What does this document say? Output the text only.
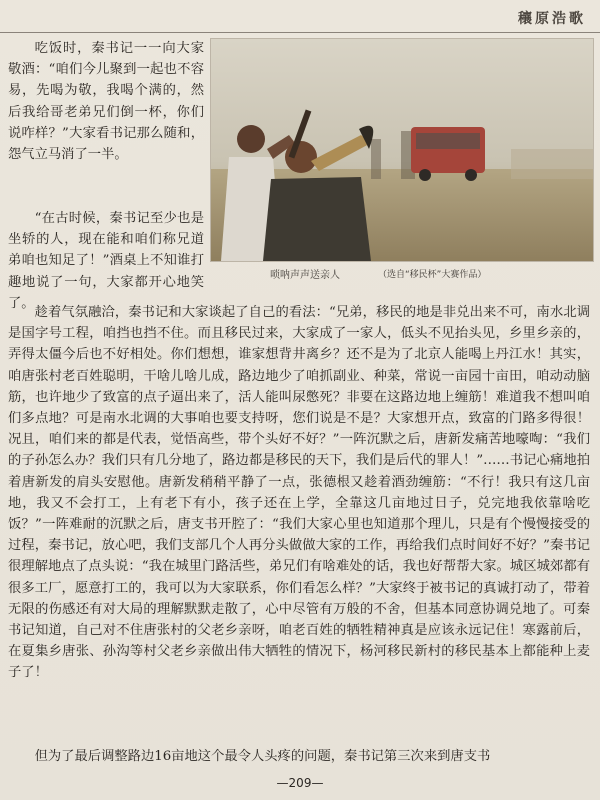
穰原浩歌
唢呐声声送亲人	（选自“移民杯”大赛作品）

吃饭时，秦书记一一向大家敬酒：“咱们今儿聚到一起也不容易，先喝为敬，我喝个满的，然后我给哥老弟兄们倒一杯，你们说咋样？”大家看书记那么随和，怨气立马消了一半。

“在古时候，秦书记至少也是坐轿的人，现在能和咱们称兄道弟咱也知足了！”酒桌上不知谁打趣地说了一句，大家都开心地笑了。

趁着气氛融洽，秦书记和大家谈起了自己的看法：“兄弟，移民的地是非兑出来不可，南水北调是国字号工程，咱挡也挡不住。而且移民过来，大家成了一家人，低头不见抬头见，乡里乡亲的，弄得太僵今后也不好相处。你们想想，谁家想背井离乡？还不是为了北京人能喝上丹江水！其实，咱唐张村老百姓聪明，干啥儿啥儿成，路边地少了咱抓副业、种菜，常说一亩园十亩田，咱动动脑筋，也许地少了致富的点子逼出来了，活人能叫尿憋死？非要在这路边地上缠筋！难道我不想叫咱们多点地？可是南水北调的大事咱也要支持呀，您们说是不是？大家想开点，致富的门路多得很！况且，咱们来的都是代表，觉悟高些，带个头好不好？”一阵沉默之后，唐新发痛苦地嚎啕：“我们的子孙怎么办？我们只有几分地了，路边都是移民的天下，我们是后代的罪人！”……书记心痛地拍着唐新发的肩头安慰他。唐新发稍稍平静了一点，张德根又趁着酒劲缠筋：“不行！我只有这几亩地，我又不会打工，上有老下有小，孩子还在上学，全靠这几亩地过日子，兑完地我依靠啥吃饭？”一阵难耐的沉默之后，唐支书开腔了：“我们大家心里也知道那个理儿，只是有个慢慢接受的过程，秦书记，放心吧，我们支部几个人再分头做做大家的工作，再给我们点时间好不好？”秦书记很理解地点了点头说：“我在城里门路活些，弟兄们有啥难处的话，我也好帮帮大家。城区城郊都有很多工厂，愿意打工的，我可以为大家联系，你们看怎么样？”大家终于被书记的真诚打动了，带着无限的伤感还有对大局的理解默默走散了，心中尽管有万般的不舍，但基本同意协调兑地了。可秦书记知道，自己对不住唐张村的父老乡亲呀，咱老百姓的牺牲精神真是应该永远记住！寒露前后，在夏集乡唐张、孙沟等村父老乡亲做出伟大牺牲的情况下，杨河移民新村的移民基本上都能种上麦子了！

但为了最后调整路边16亩地这个最令人头疼的问题，秦书记第三次来到唐支书

—209—
